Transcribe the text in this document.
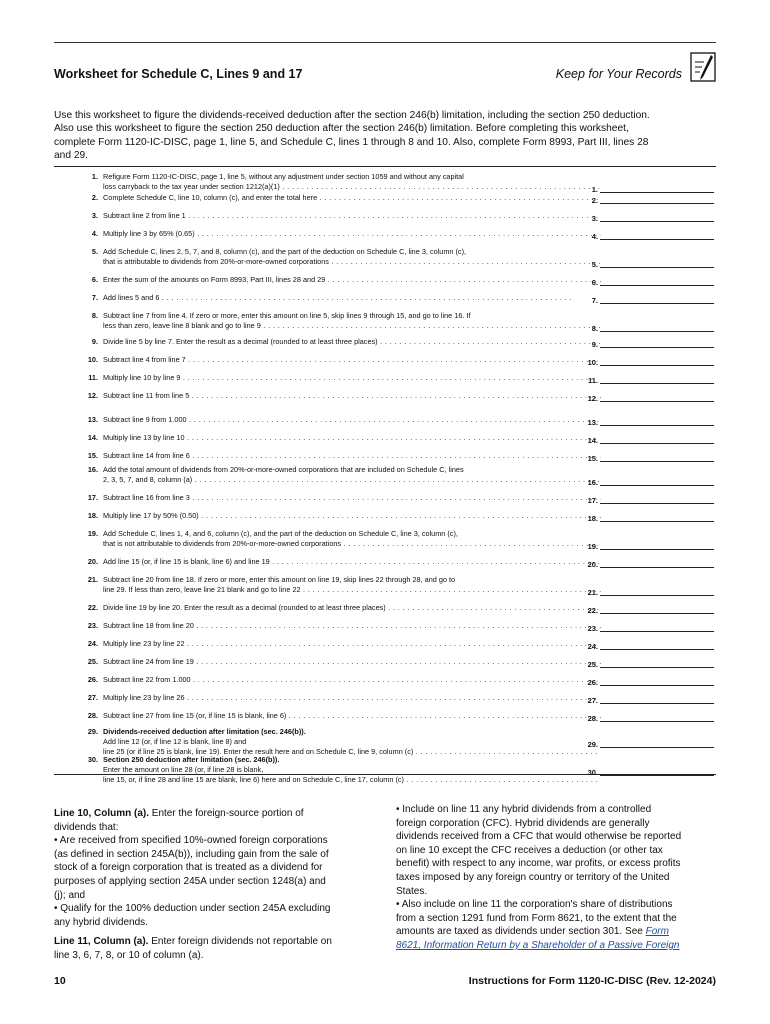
Worksheet for Schedule C, Lines 9 and 17	Keep for Your Records
Use this worksheet to figure the dividends-received deduction after the section 246(b) limitation, including the section 250 deduction.
Also use this worksheet to figure the section 250 deduction after the section 246(b) limitation. Before completing this worksheet,
complete Form 1120-IC-DISC, page 1, line 5, and Schedule C, lines 1 through 8 and 10. Also, complete Form 8993, Part III, lines 28
and 29.
1. Refigure Form 1120-IC-DISC, page 1, line 5, without any adjustment under section 1059 and without any capital
loss carryback to the tax year under section 1212(a)(1) . . .	1.
2. Complete Schedule C, line 10, column (c), and enter the total here . . .	2.
3. Subtract line 2 from line 1 . . .	3.
4. Multiply line 3 by 65% (0.65) . . .	4.
5. Add Schedule C, lines 2, 5, 7, and 8, column (c), and the part of the deduction on Schedule C, line 3, column (c),
that is attributable to dividends from 20%-or-more-owned corporations . . .	5.
6. Enter the sum of the amounts on Form 8993, Part III, lines 28 and 29 . . .	6.
7. Add lines 5 and 6 . . .	7.
8. Subtract line 7 from line 4. If zero or more, enter this amount on line 5, skip lines 9 through 15, and go to line 16. If
less than zero, leave line 8 blank and go to line 9 . . .	8.
9. Divide line 5 by line 7. Enter the result as a decimal (rounded to at least three places) . . .	9.
10. Subtract line 4 from line 7 . . .	10.
11. Multiply line 10 by line 9 . . .	11.
12. Subtract line 11 from line 5 . . .	12.
13. Subtract line 9 from 1.000 . . .	13.
14. Multiply line 13 by line 10 . . .	14.
15. Subtract line 14 from line 6 . . .	15.
16. Add the total amount of dividends from 20%-or-more-owned corporations that are included on Schedule C, lines
2, 3, 5, 7, and 8, column (a) . . .	16.
17. Subtract line 16 from line 3 . . .	17.
18. Multiply line 17 by 50% (0.50) . . .	18.
19. Add Schedule C, lines 1, 4, and 6, column (c), and the part of the deduction on Schedule C, line 3, column (c),
that is not attributable to dividends from 20%-or-more-owned corporations . . .	19.
20. Add line 15 (or, if line 15 is blank, line 6) and line 19 . . .	20.
21. Subtract line 20 from line 18. If zero or more, enter this amount on line 19, skip lines 22 through 28, and go to
line 29. If less than zero, leave line 21 blank and go to line 22 . . .	21.
22. Divide line 19 by line 20. Enter the result as a decimal (rounded to at least three places) . . .	22.
23. Subtract line 18 from line 20 . . .	23.
24. Multiply line 23 by line 22 . . .	24.
25. Subtract line 24 from line 19 . . .	25.
26. Subtract line 22 from 1.000 . . .	26.
27. Multiply line 23 by line 26 . . .	27.
28. Subtract line 27 from line 15 (or, if line 15 is blank, line 6) . . .	28.
29. Dividends-received deduction after limitation (sec. 246(b)).
Add line 12 (or, if line 12 is blank, line 8) and
line 25 (or if line 25 is blank, line 19). Enter the result here and on Schedule C, line 9, column (c) . . .
29.
30. Section 250 deduction after limitation (sec. 246(b)).
Enter the amount on line 28 (or, if line 28 is blank,
line 15, or, if line 28 and line 15 are blank, line 6) here and on Schedule C, line 17, column (c) . . .
30.
Line 10, Column (a). Enter the foreign-source portion of
dividends that:
• Are received from specified 10%-owned foreign corporations
(as defined in section 245A(b)), including gain from the sale of
stock of a foreign corporation that is treated as a dividend for
purposes of applying section 245A under section 1248(a) and
(j); and
• Qualify for the 100% deduction under section 245A excluding
any hybrid dividends.
Line 11, Column (a). Enter foreign dividends not reportable on
line 3, 6, 7, 8, or 10 of column (a).
• Include on line 11 any hybrid dividends from a controlled
foreign corporation (CFC). Hybrid dividends are generally
dividends received from a CFC that would otherwise be reported
on line 10 except the CFC receives a deduction (or other tax
benefit) with respect to any income, war profits, or excess profits
taxes imposed by any foreign country or territory of the United
States.
• Also include on line 11 the corporation's share of distributions
from a section 1291 fund from Form 8621, to the extent that the
amounts are taxed as dividends under section 301. See Form
8621, Information Return by a Shareholder of a Passive Foreign
10	Instructions for Form 1120-IC-DISC (Rev. 12-2024)
